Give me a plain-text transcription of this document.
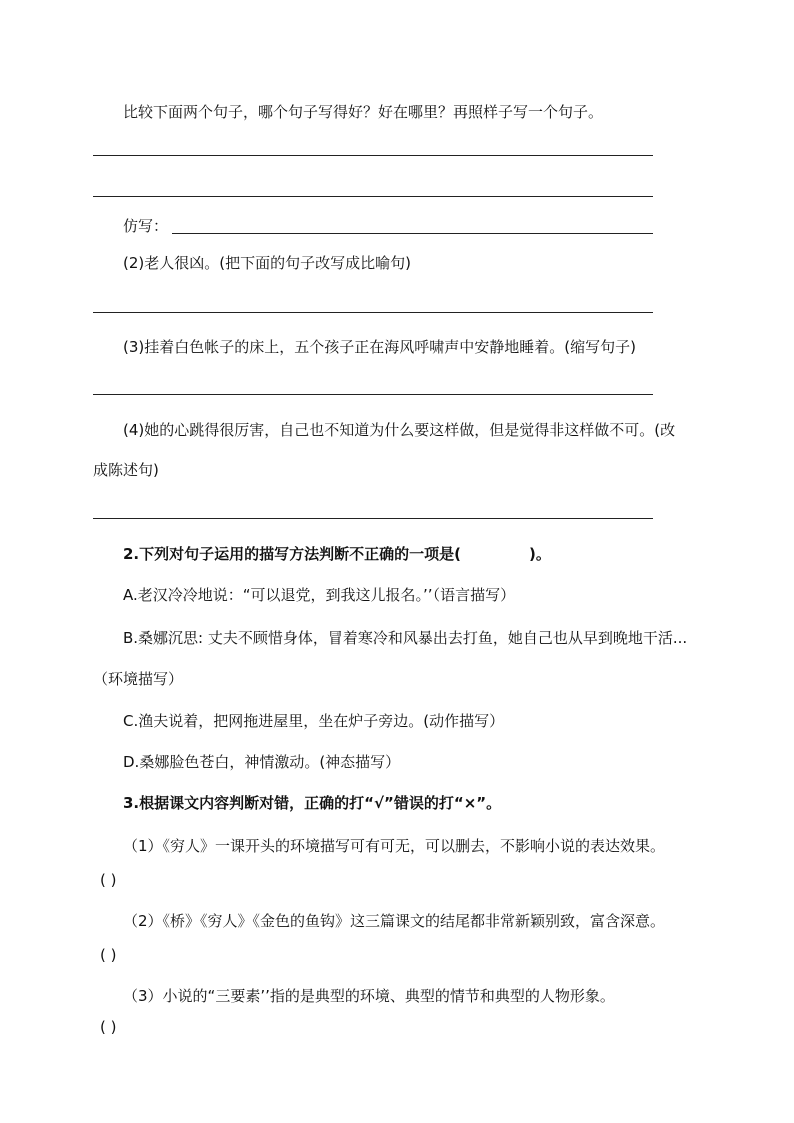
比较下面两个句子，哪个句子写得好？好在哪里？再照样子写一个句子。
仿写：
(2)老人很凶。(把下面的句子改写成比喻句)
(3)挂着白色帐子的床上，五个孩子正在海风呼啸声中安静地睡着。(缩写句子)
(4)她的心跳得很厉害，自己也不知道为什么要这样做，但是觉得非这样做不可。(改
成陈述句)
2.下列对句子运用的描写方法判断不正确的一项是(	)。
A.老汉冷冷地说：“可以退党，到我这儿报名。’’（语言描写）
B.桑娜沉思: 丈夫不顾惜身体，冒着寒冷和风暴出去打鱼，她自己也从早到晚地干活...
（环境描写）
C.渔夫说着，把网拖进屋里，坐在炉子旁边。(动作描写）
D.桑娜脸色苍白，神情激动。(神态描写）
3.根据课文内容判断对错，正确的打“√”错误的打“×”。
（1）《穷人》一课开头的环境描写可有可无，可以删去，不影响小说的表达效果。
( )
（2）《桥》《穷人》《金色的鱼钩》这三篇课文的结尾都非常新颖别致，富含深意。
( )
（3）小说的“三要素’’指的是典型的环境、典型的情节和典型的人物形象。
( )
